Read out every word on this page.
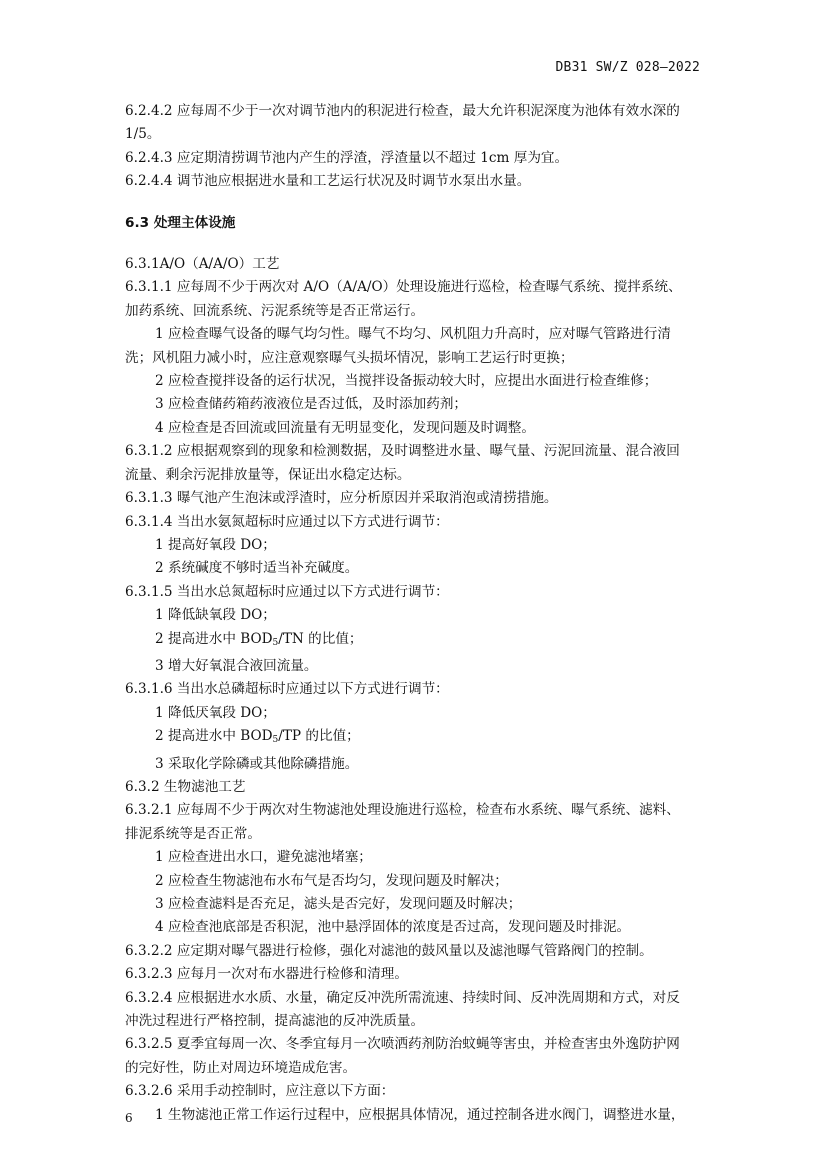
DB31 SW/Z 028—2022
6.2.4.2 应每周不少于一次对调节池内的积泥进行检查，最大允许积泥深度为池体有效水深的
1/5。
6.2.4.3 应定期清捞调节池内产生的浮渣，浮渣量以不超过 1cm 厚为宜。
6.2.4.4 调节池应根据进水量和工艺运行状况及时调节水泵出水量。
6.3 处理主体设施
6.3.1A/O（A/A/O）工艺
6.3.1.1 应每周不少于两次对 A/O（A/A/O）处理设施进行巡检，检查曝气系统、搅拌系统、
加药系统、回流系统、污泥系统等是否正常运行。
1 应检查曝气设备的曝气均匀性。曝气不均匀、风机阻力升高时，应对曝气管路进行清
洗；风机阻力减小时，应注意观察曝气头损坏情况，影响工艺运行时更换；
2 应检查搅拌设备的运行状况，当搅拌设备振动较大时，应提出水面进行检查维修；
3 应检查储药箱药液液位是否过低，及时添加药剂；
4 应检查是否回流或回流量有无明显变化，发现问题及时调整。
6.3.1.2 应根据观察到的现象和检测数据，及时调整进水量、曝气量、污泥回流量、混合液回
流量、剩余污泥排放量等，保证出水稳定达标。
6.3.1.3 曝气池产生泡沫或浮渣时，应分析原因并采取消泡或清捞措施。
6.3.1.4 当出水氨氮超标时应通过以下方式进行调节：
1 提高好氧段 DO；
2 系统碱度不够时适当补充碱度。
6.3.1.5 当出水总氮超标时应通过以下方式进行调节：
1 降低缺氧段 DO；
2 提高进水中 $BOD_5/TN$ 的比值；
3 增大好氧混合液回流量。
6.3.1.6 当出水总磷超标时应通过以下方式进行调节：
1 降低厌氧段 DO；
2 提高进水中 $BOD_5/TP$ 的比值；
3 采取化学除磷或其他除磷措施。
6.3.2 生物滤池工艺
6.3.2.1 应每周不少于两次对生物滤池处理设施进行巡检，检查布水系统、曝气系统、滤料、
排泥系统等是否正常。
1 应检查进出水口，避免滤池堵塞；
2 应检查生物滤池布水布气是否均匀，发现问题及时解决；
3 应检查滤料是否充足，滤头是否完好，发现问题及时解决；
4 应检查池底部是否积泥，池中悬浮固体的浓度是否过高，发现问题及时排泥。
6.3.2.2 应定期对曝气器进行检修，强化对滤池的鼓风量以及滤池曝气管路阀门的控制。
6.3.2.3 应每月一次对布水器进行检修和清理。
6.3.2.4 应根据进水水质、水量，确定反冲洗所需流速、持续时间、反冲洗周期和方式，对反
冲洗过程进行严格控制，提高滤池的反冲洗质量。
6.3.2.5 夏季宜每周一次、冬季宜每月一次喷洒药剂防治蚊蝇等害虫，并检查害虫外逸防护网
的完好性，防止对周边环境造成危害。
6.3.2.6 采用手动控制时，应注意以下方面：
1 生物滤池正常工作运行过程中，应根据具体情况，通过控制各进水阀门，调整进水量，
6
